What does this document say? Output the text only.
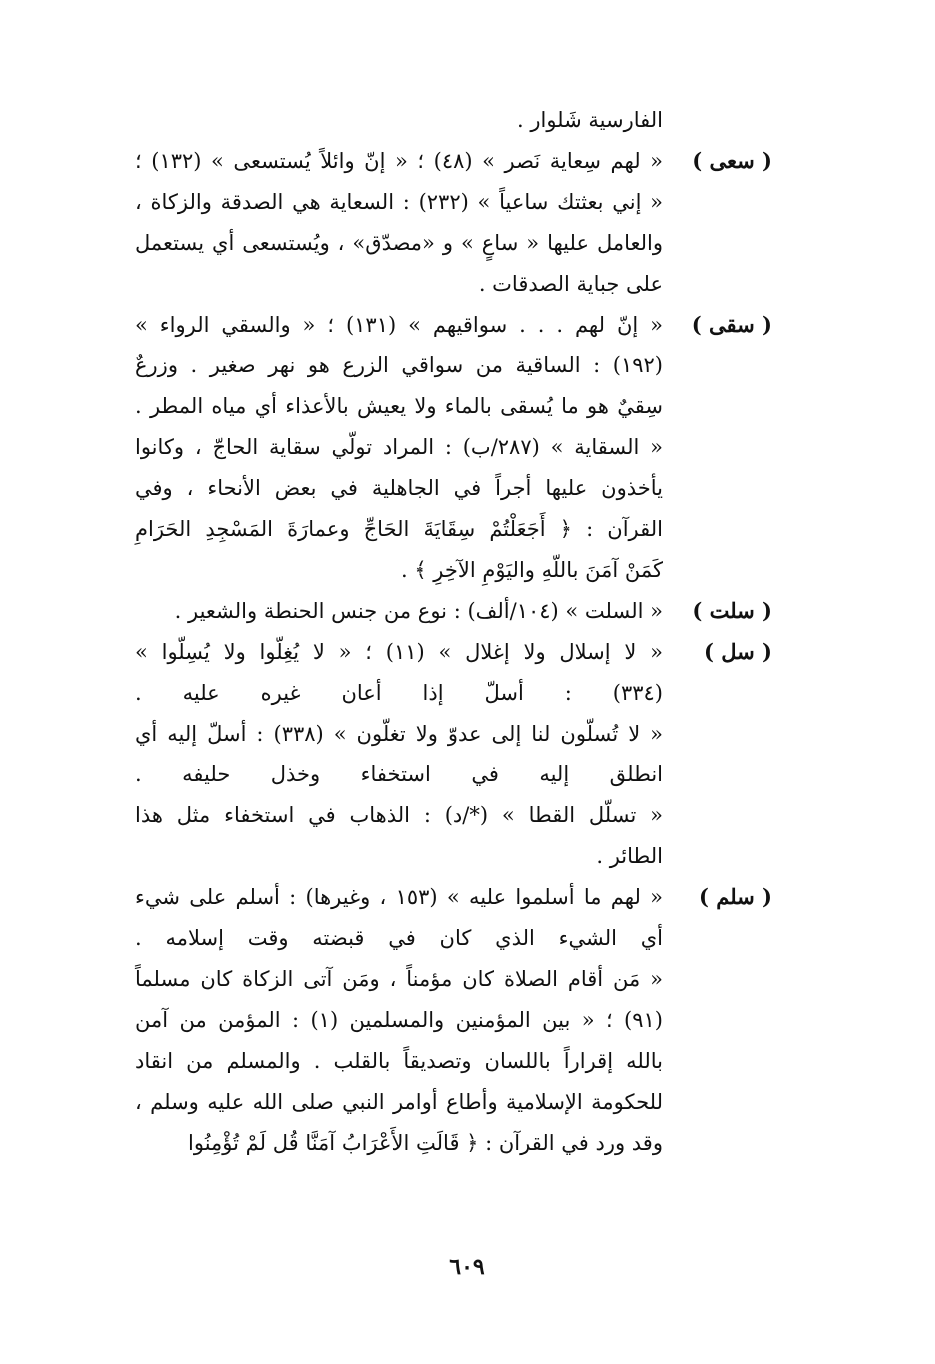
الفارسية شَلوار .
( سعى )
« لهم سِعاية نَصر » (٤٨) ؛ « إنّ وائلاً يُستسعى » (١٣٢) ؛
« إني بعثتك ساعياً » (٢٣٢) : السعاية هي الصدقة والزكاة ،
والعامل عليها « ساعٍ » و «مصدّق» ، ويُستسعى أي يستعمل
على جباية الصدقات .
( سقى )
« إنّ لهم . . . سواقيهم » (١٣١) ؛ « والسقي الرواء »
(١٩٢) : الساقية من سواقي الزرع هو نهر صغير . وزرعٌ
سِقيٌ هو ما يُسقى بالماء ولا يعيش بالأعذاء أي مياه المطر .
« السقاية » (٢٨٧/ب) : المراد تولّي سقاية الحاجّ ، وكانوا
يأخذون عليها أجراً في الجاهلية في بعض الأنحاء ، وفي
القرآن : ﴿ أَجَعَلْتُمْ سِقَايَةَ الحَاجِّ وعمارَةَ المَسْجِدِ الحَرَامِ
كَمَنْ آمَنَ باللّهِ واليَوْمِ الآخِرِ ﴾ .
( سلت )
« السلت » (١٠٤/ألف) : نوع من جنس الحنطة والشعير .
( سل )
« لا إسلال ولا إغلال » (١١) ؛ « لا يُغِلّوا ولا يُسِلّوا »
(٣٣٤) : أسلّ إذا أعان غيره عليه .
« لا تُسلّون لنا إلى عدوّ ولا تغلّون » (٣٣٨) : أسلّ إليه أي
انطلق إليه في استخفاء وخذل حليفه .
« تسلّل القطا » (*/د) : الذهاب في استخفاء مثل هذا
الطائر .
( سلم )
« لهم ما أسلموا عليه » (١٥٣ ، وغيرها) : أسلم على شيء
أي الشيء الذي كان في قبضته وقت إسلامه .
« مَن أقام الصلاة كان مؤمناً ، ومَن آتى الزكاة كان مسلماً
(٩١) ؛ « بين المؤمنين والمسلمين (١) : المؤمن من آمن
بالله إقراراً باللسان وتصديقاً بالقلب . والمسلم من انقاد
للحكومة الإسلامية وأطاع أوامر النبي صلى الله عليه وسلم ،
وقد ورد في القرآن : ﴿ قَالَتِ الأَعْرَابُ آمَنَّا قُل لَمْ تُؤْمِنُوا
٦٠٩
